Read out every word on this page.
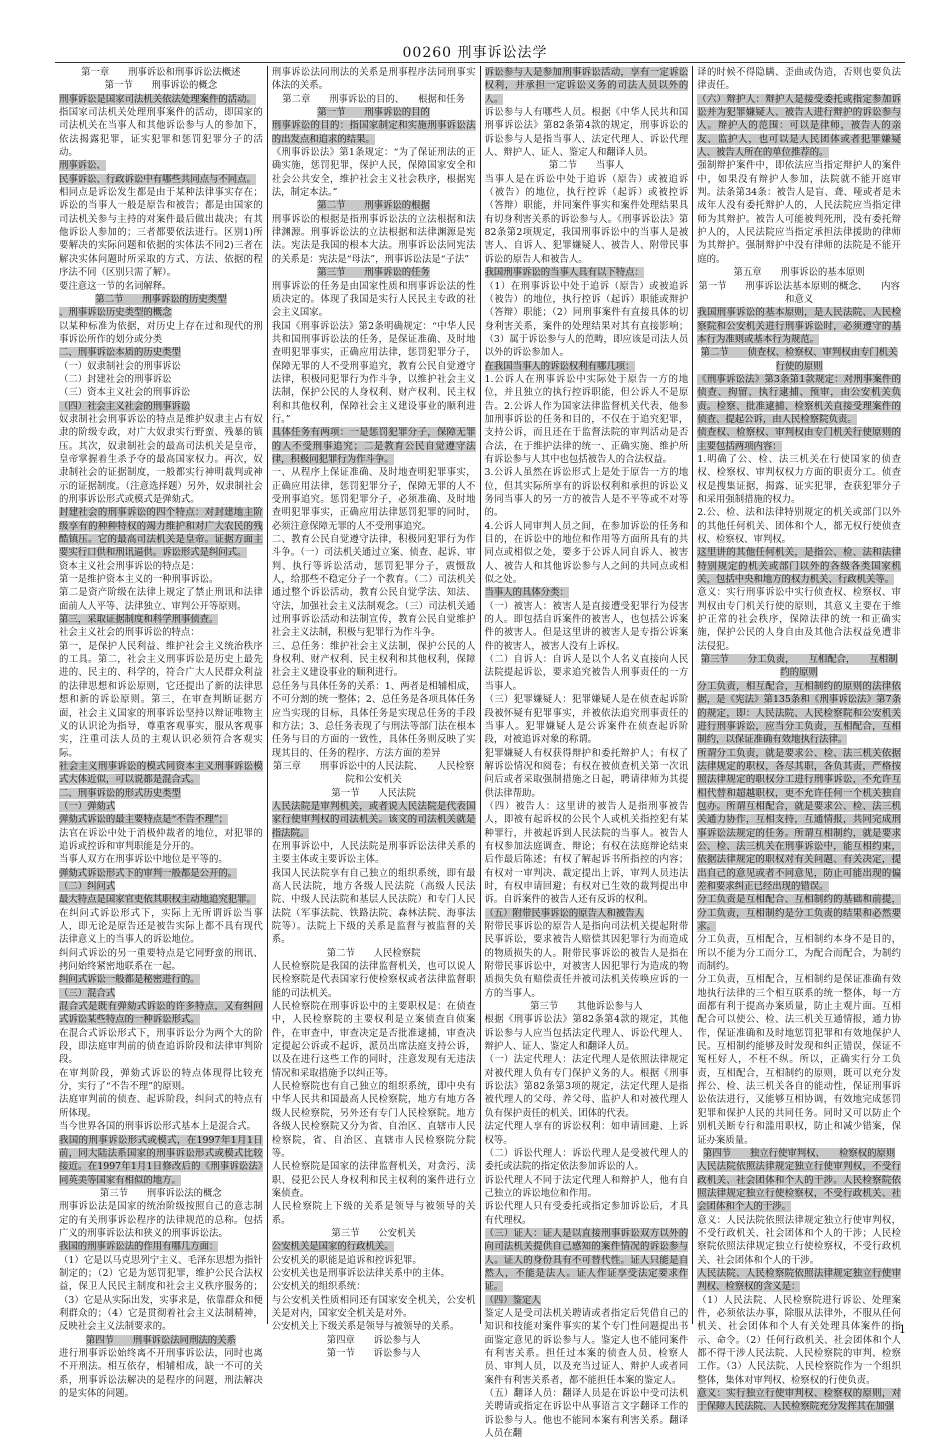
00260 刑事诉讼法学

第一章　　刑事诉讼和刑事诉讼法概述

第一节　　刑事诉讼的概念

刑事诉讼是国家司法机关依法处理案件的活动。

指国家司法机关处理刑事案件的活动，即国家的司法机关在当事人和其他诉讼参与人的参加下，依法揭露犯罪，证实犯罪和惩罚犯罪分子的活动。

刑事诉讼、

民事诉讼、行政诉讼中有哪些共同点与不同点。

相同点是诉讼发生都是由于某种法律事实存在；诉讼的当事人一般是原告和被告；都是由国家的司法机关参与主持的对案件最后做出裁决；有其他诉讼人参加的；三者都要依法进行。区别1)所要解决的实际问题和依据的实体法不同2)三者在解决实体问题时所采取的方式、方法、依据的程序法不同（区别只需了解）。

要注意这一节的名词解释。

第二节　　刑事诉讼的历史类型

、刑事诉讼历史类型的概念

以某种标准为依据，对历史上存在过和现代的刑事诉讼所作的划分或分类

二、刑事诉讼本质的历史类型

（一）奴隶制社会的刑事诉讼

（二）封建社会的刑事诉讼

（三）资本主义社会的刑事诉讼

（四）社会主义社会的刑事诉讼

奴隶制社会刑事诉讼的特点是维护奴隶主占有奴隶的阶级专政，对广大奴隶实行野蛮、残暴的镇压。其次，奴隶制社会的最高司法机关是皇帝，皇帝掌握着生杀予夺的最高国家权力。再次，奴隶制社会的证据制度，一般都实行神明裁判或神示的证据制度。（注意选择题）另外，奴隶制社会的刑事诉讼形式或模式是弹劾式。

封建社会的刑事诉讼的四个特点：对封建地主阶级享有的种种特权的竭力维护和对广大农民的残酷镇压。它的最高司法机关是皇帝。证据方面主要实行口供和刑讯逼供。诉讼形式是纠问式。

资本主义社会刑事诉讼的特点是：

第一是维护资本主义的一种刑事诉讼。

第二是资产阶级在法律上规定了禁止刑讯和法律面前人人平等、法律独立、审判公开等原则。

第三，采取证据制度和科学刑事侦查。

社会主义社会的刑事诉讼的特点：

第一，是保护人民利益、维护社会主义统治秩序的工具。第二，社会主义刑事诉讼是历史上最先进的、民主的、科学的，符合广大人民群众利益的法律思想和诉讼原则，它还提出了新的法律思想和新的诉讼原则。第三，在审查判断证据方面，社会主义国家的刑事诉讼坚持以辩证唯物主义的认识论为指导，尊重客观事实，服从客观事实，注重司法人员的主观认识必须符合客观实际。

社会主义刑事诉讼的模式同资本主义刑事诉讼模式大体近似，可以说都是混合式。

二、刑事诉讼的形式历史类型

（一）弹劾式

弹劾式诉讼的最主要特点是“不告不理”；

法官在诉讼中处于消极仲裁者的地位，对犯罪的追诉或控诉和审判职能是分开的。

当事人双方在刑事诉讼中地位是平等的。

弹劾式诉讼形式下的审判一般都是公开的。

（二）纠问式

最大特点是国家官吏依其职权主动地追究犯罪。

在纠问式诉讼形式下，实际上无所谓诉讼当事人，即无论是原告还是被告实际上都不具有现代法律意义上的当事人的诉讼地位。

纠问式诉讼的另一重要特点是它同野蛮的刑讯、拷问始终紧密地联系在一起。

纠问式诉讼一般都是秘密进行的。

（三）混合式

混合式是既有弹劾式诉讼的许多特点，又有纠问式诉讼某些特点的一种诉讼形式。

在混合式诉讼形式下，刑事诉讼分为两个大的阶段，即法庭审判前的侦查追诉阶段和法律审判阶段。

在审判阶段，弹劾式诉讼的特点体现得比较充分，实行了“不告不理”的原则。

法庭审判前的侦查、起诉阶段，纠问式的特点有所体现。

当今世界各国的刑事诉讼形式基本上是混合式。

我国的刑事诉讼形式或模式，在1997年1月1日前，同大陆法系国家的刑事诉讼形式或模式比较接近。在1997年1月1日修改后的《刑事诉讼法》同英美等国家有相似的地方。

第三节　　刑事诉讼法的概念

刑事诉讼法是国家的统治阶级按照自己的意志制定的有关刑事诉讼程序的法律规范的总称。包括广义的刑事诉讼法和狭义的刑事诉讼法。

我国的刑事诉讼法的作用有哪几方面：

（1）它是以马克思列宁主义、毛泽东思想为指针制定的；（2）它是为惩罚犯罪，维护公民合法权益，保卫人民民主制度和社会主义秩序服务的；（3）它是从实际出发，实事求是，依靠群众和便利群众的；（4）它是贯彻着社会主义法制精神，反映社会主义法制要求的。

第四节　　刑事诉讼法同刑法的关系

进行刑事诉讼始终离不开刑事诉讼法，同时也离不开刑法。相互依存，相辅相成，缺一不可的关系，刑事诉讼法解决的是程序的问题，刑法解决的是实体的问题。

刑事诉讼法同刑法的关系是刑事程序法同刑事实体法的关系。

第二章　　刑事诉讼的目的、　　根据和任务

第一节　　刑事诉讼的目的

刑事诉讼的目的：指国家制定和实施刑事诉讼法的出发点和追求的结果。

《刑事诉讼法》第1条规定：“为了保证刑法的正确实施，惩罚犯罪，保护人民，保障国家安全和社会公共安全，维护社会主义社会秩序，根据宪法，制定本法。”

第二节　　刑事诉讼的根据

刑事诉讼的根据是指刑事诉讼法的立法根据和法律渊源。刑事诉讼法的立法根据和法律渊源是宪法。宪法是我国的根本大法。刑事诉讼法同宪法的关系是：宪法是“母法”，刑事诉讼法是“子法”

第三节　　刑事诉讼的任务

刑事诉讼的任务是由国家性质和刑事诉讼法的性质决定的。体现了我国是实行人民民主专政的社会主义国家。

我国《刑事诉讼法》第2条明确规定：“中华人民共和国刑事诉讼法的任务，是保证准确、及时地查明犯罪事实，正确应用法律，惩罚犯罪分子，保障无罪的人不受刑事追究，教育公民自觉遵守法律，积极同犯罪行为作斗争，以维护社会主义法制，保护公民的人身权利、财产权利、民主权利和其他权利，保障社会主义建设事业的顺利进行。”

具体任务有两项：一是惩罚犯罪分子，保障无罪的人不受刑事追究；二是教育公民自觉遵守法律，积极同犯罪行为作斗争。

一、从程序上保证准确、及时地查明犯罪事实，正确应用法律，惩罚犯罪分子，保障无罪的人不受刑事追究。惩罚犯罪分子，必须准确、及时地查明犯罪事实，正确应用法律惩罚犯罪的同时，必须注意保障无罪的人不受刑事追究。

二、教育公民自觉遵守法律，积极同犯罪行为作斗争。（一）司法机关通过立案、侦查、起诉、审判、执行等诉讼活动，惩罚犯罪分子，震慑敌人，给那些不稳定分子一个教育。（二）司法机关通过整个诉讼活动，教育公民自觉学法、知法、守法，加强社会主义法制观念。（三）司法机关通过刑事诉讼活动和法制宣传，教育公民自觉维护社会主义法制，积极与犯罪行为作斗争。

三、总任务：维护社会主义法制，保护公民的人身权利、财产权利、民主权利和其他权利，保障社会主义建设事业的顺利进行。

总任务与具体任务的关系：1、两者是相辅相成，不可分割的统一整体；2、总任务是各项具体任务应当实现的目标，具体任务是实现总任务的手段和方法；3、总任务表现了与刑法等部门法在根本任务与目的方面的一致性，具体任务则反映了实现其目的、任务的程序、方法方面的差异

第三章　　刑事诉讼中的人民法院、　　人民检察院和公安机关

第一节　　人民法院

人民法院是审判机关，或者说人民法院是代表国家行使审判权的司法机关。该文的司法机关就是指法院。

在刑事诉讼中，人民法院是刑事诉讼法律关系的主要主体或主要诉讼主体。

我国人民法院享有自己独立的组织系统，即有最高人民法院，地方各级人民法院（高级人民法院、中级人民法院和基层人民法院）和专门人民法院（军事法院、铁路法院、森林法院、海事法院等）。法院上下级的关系是监督与被监督的关系。

第二节　　人民检察院

人民检察院是我国的法律监督机关，也可以说人民检察院是代表国家行使检察权或者法律监督职能的司法机关。

人民检察院在刑事诉讼中的主要职权是：在侦查中，人民检察院的主要权利是立案侦查自侦案件，在审查中，审查决定是否批准逮捕，审查决定提起公诉或不起诉，派员出席法庭支持公诉，以及在进行这些工作的同时，注意发现有无违法情况和采取措施予以纠正等。

人民检察院也有自己独立的组织系统，即中央有中华人民共和国最高人民检察院，地方有地方各级人民检察院，另外还有专门人民检察院。地方各级人民检察院又分为省、自治区、直辖市人民检察院，省、自治区、直辖市人民检察院分院等。

人民检察院是国家的法律监督机关，对贪污、渎职、侵犯公民人身权利和民主权利的案件进行立案侦查。

人民检察院上下级的关系是领导与被领导的关系。

第三节　　公安机关

公安机关是国家的行政机关。

公安机关的职能是追诉和控诉犯罪。

公安机关也是刑事诉讼法律关系中的主体。

公安机关的组织系统：

与公安机关性质相同还有国家安全机关，公安机关是对内，国家安全机关是对外。

公安机关上下级关系是领导与被领导的关系。

第四章　　诉讼参与人

第一节　　诉讼参与人

诉讼参与人是参加刑事诉讼活动，享有一定诉讼权利，并承担一定诉讼义务的司法人员以外的人。

诉讼参与人有哪些人员。根据《中华人民共和国刑事诉讼法》第82条第4款的规定，刑事诉讼的诉讼参与人是指当事人、法定代理人、诉讼代理人、辩护人、证人、鉴定人和翻译人员。

第二节　　当事人

当事人是在诉讼中处于追诉（原告）或被追诉（被告）的地位，执行控诉（起诉）或被控诉（答辩）职能，并同案件事实和案件处理结果具有切身利害关系的诉讼参与人。《刑事诉讼法》第82条第2项规定，我国刑事诉讼中的当事人是被害人、自诉人、犯罪嫌疑人、被告人、附带民事诉讼的原告人和被告人。

我国刑事诉讼的当事人具有以下特点：

（1）在刑事诉讼中处于追诉（原告）或被追诉（被告）的地位，执行控诉（起诉）职能或辩护（答辩）职能；（2）同刑事案件有直接具体的切身利害关系，案件的处理结果对其有直接影响；（3）属于诉讼参与人的范畴，即应该是司法人员以外的诉讼参加人。

在我国当事人的诉讼权利有哪几项：

1.公诉人在刑事诉讼中实际处于原告一方的地位，并且独立的执行控诉职能，但公诉人不是原告。2.公诉人作为国家法律监督机关代表，他参加刑事诉讼的任务和目的，不仅在于追究犯罪，支持公诉，而且还在于监督法院的审判活动是否合法，在于维护法律的统一、正确实施、维护所有诉讼参与人其中也包括被告人的合法权益。

3.公诉人虽然在诉讼形式上是处于原告一方的地位，但其实际所享有的诉讼权利和承担的诉讼义务同当事人的另一方的被告人是不平等或不对等的。

4.公诉人同审判人员之间，在参加诉讼的任务和目的，在诉讼中的地位和作用等方面所具有的共同点或相似之处，要多于公诉人同自诉人、被害人、被告人和其他诉讼参与人之间的共同点或相似之处。

当事人的具体分类：

（一）被害人：被害人是直接遭受犯罪行为侵害的人。即包括自诉案件的被害人，也包括公诉案件的被害人。但是这里讲的被害人是专指公诉案件的被害人，被害人没有上诉权。

（二）自诉人：自诉人是以个人名义直接向人民法院提起诉讼，要求追究被告人刑事责任的一方当事人。

（三）犯罪嫌疑人：犯罪嫌疑人是在侦查起诉阶段被怀疑有犯罪事实，并被依法追究刑事责任的当事人。犯罪嫌疑人是公诉案件在侦查起诉阶段，对被追诉对象的称谓。

犯罪嫌疑人有权获得辩护和委托辩护人；有权了解诉讼情况和阅卷；有权在被侦查机关第一次讯问后或者采取强制措施之日起，聘请律师为其提供法律帮助。

（四）被告人：这里讲的被告人是指刑事被告人，即被有起诉权的公民个人或机关指控犯有某种罪行，并被起诉到人民法院的当事人。被告人有权参加法庭调查、辩论；有权在法庭辩论结束后作最后陈述；有权了解起诉书所指控的内容；有权对一审判决、裁定提出上诉，审判人员违法时，有权申请回避；有权对已生效的裁判提出申诉。自诉案件的被告人还有反诉的权利。

（五）附带民事诉讼的原告人和被告人

附带民事诉讼的原告人是指向司法机关提起附带民事诉讼，要求被告人赔偿其因犯罪行为而造成的物质损失的人。附带民事诉讼的被告人是指在附带民事诉讼中，对被害人因犯罪行为造成的物质损失负有赔偿责任并被司法机关传唤应诉的一方的当事人。

第三节　　其他诉讼参与人

根据《刑事诉讼法》第82条第4款的规定，其他诉讼参与人应当包括法定代理人、诉讼代理人、辩护人、证人、鉴定人和翻译人员。

（一）法定代理人：法定代理人是依照法律规定对被代理人负有专门保护义务的人。根据《刑事诉讼法》第82条第3项的规定，法定代理人是指被代理人的父母、养父母、监护人和对被代理人负有保护责任的机关、团体的代表。

法定代理人享有的诉讼权利：如申请回避、上诉权等。

（二）诉讼代理人：诉讼代理人是受被代理人的委托或法院的指定依法参加诉讼的人。

诉讼代理人不同于法定代理人和辩护人，他有自己独立的诉讼地位和作用。

诉讼代理人只有受委托或指定参加诉讼后，才具有代理权。

（三）证人：证人是以直接刑事诉讼双方以外的向司法机关提供自己感知的案件情况的诉讼参与人。证人的身份具有不可替代性。证人只能是自然人，不能是法人。证人作证享受法定要求作证。

（四）鉴定人

鉴定人是受司法机关聘请或者指定后凭借自己的知识和技能对案件事实的某个专门性问题提出书面鉴定意见的诉讼参与人。鉴定人也不能同案件有利害关系。担任过本案的侦查人员、检察人员、审判人员，以及充当过证人、辩护人或者同案件有利害关系者，都不能担任本案的鉴定人。

（五）翻译人员：翻译人员是在诉讼中受司法机关聘请或指定在诉讼中从事语言文字翻译工作的诉讼参与人。他也不能同本案有利害关系。翻译人员在翻

译的时候不得隐瞒、歪曲或伪造，否则也要负法律责任。

（六）辩护人：辩护人是接受委托或指定参加诉讼并为犯罪嫌疑人、被告人进行辩护的诉讼参与人。辩护人的范围：可以是律师，被告人的亲友、监护人，也可以是人民团体或者犯罪嫌疑人、被告人所在的单位推荐的。

强制辩护案件中，即依法应当指定辩护人的案件中，如果没有辩护人参加，法院就不能开庭审判。法条第34条：被告人是盲、聋、哑或者是未成年人没有委托辩护人的，人民法院应当指定律师为其辩护。被告人可能被判死刑，没有委托辩护人的，人民法院应当指定承担法律援助的律师为其辩护。强制辩护中没有律师的法院是不能开庭的。

第五章　　刑事诉讼的基本原则

第一节　　刑事诉讼法基本原则的概念、　　内容和意义

我国刑事诉讼的基本原则，是人民法院、人民检察院和公安机关进行刑事诉讼时，必须遵守的基本行为准则或基本行为规范。

第二节　　侦查权、检察权、审判权由专门机关行使的原则

《刑事诉讼法》第3条第1款规定：对刑事案件的侦查、拘留、执行逮捕、预审，由公安机关负责。检察、批准逮捕、检察机关直接受理案件的侦查、提起公诉，由人民检察院负责。

侦查权、检察权、审判权由专门机关行使原则的主要包括两项内容：

1.明确了公、检、法三机关在行使国家的侦查权、检察权、审判权权力方面的职责分工。侦查权是搜集证据，揭露、证实犯罪，查获犯罪分子和采用强制措施的权力。

2.公、检、法和法律特别规定的机关或部门以外的其他任何机关、团体和个人，都无权行使侦查权、检察权、审判权。

这里讲的其他任何机关，是指公、检、法和法律特别规定的机关或部门以外的各级各类国家机关，包括中央和地方的权力机关、行政机关等。

意义：实行刑事诉讼中实行侦查权、检察权、审判权由专门机关行使的原则，其意义主要在于维护正常的社会秩序，保障法律的统一和正确实施，保护公民的人身自由及其他合法权益免遭非法侵犯。

第三节　　分工负责，　　互相配合，　　互相制约的原则

分工负责，相互配合，互相制约的原则的法律依据，是《宪法》第135条和《刑事诉讼法》第7条的规定，即：人民法院、人民检察院和公安机关进行刑事诉讼，应当分工负责，互相配合，互相制约，以保证准确有效地执行法律。

所谓分工负责，就是要求公、检、法三机关依据法律规定的职权，各尽其职，各负其责，严格按照法律规定的职权分工进行刑事诉讼，不允许互相代替和超越职权，更不允许任何一个机关独自包办。所谓互相配合，就是要求公、检、法三机关通力协作，互相支持，互通情报，共同完成刑事诉讼法规定的任务。所谓互相制约，就是要求公、检、法三机关在刑事诉讼中，能互相约束，依据法律规定的职权对有关问题、有关决定，提出自己的意见或者不同意见，防止可能出现的偏差和要求纠正已经出现的错误。

分工负责是互相配合、互相制约的基础和前提，分工负责，互相制约是分工负责的结果和必然要求。

分工负责，互相配合，互相制约本身不是目的，所以不能为分工而分工，为配合而配合，为制约而制约。

分工负责，互相配合，互相制约是保证准确有效地执行法律的三个相互联系的统一整体，每一方面都有利于提高办案质量，防止主观片面。互相配合可以使公、检、法三机关互通情报，通力协作，保证准确和及时地惩罚犯罪和有效地保护人民。互相制约能够及时发现和纠正错误，保证不冤枉好人，不枉不纵。所以，正确实行分工负责，互相配合，互相制约的原则，既可以充分发挥公、检、法三机关各自的能动性，保证刑事诉讼依法进行，又能够互相协调，有效地完成惩罚犯罪和保护人民的共同任务。同时又可以防止个别机关断专行和滥用职权，防止和减少错案，保证办案质量。

第四节　　独立行使审判权、　　检察权的原则

人民法院依照法律规定独立行使审判权，不受行政机关、社会团体和个人的干涉。人民检察院依照法律规定独立行使检察权，不受行政机关、社会团体和个人的干涉。

意义：人民法院依照法律规定独立行使审判权，不受行政机关、社会团体和个人的干涉；人民检察院依照法律规定独立行使检察权，不受行政机关、社会团体和个人的干涉。

人民法院、人民检察院依照法律规定独立行使审判权、检察权的含义是：

（1）人民法院、人民检察院进行诉讼、处理案件，必须依法办事，除服从法律外，不服从任何机关、社会团体和个人有关处理具体案件的指示、命令。（2）任何行政机关、社会团体和个人都不得干涉人民法院、人民检察院的审判、检察工作。（3）人民法院、人民检察院作为一个组织整体，集体对审判权、检察权的行使负责。

意义：实行独立行使审判权、检察权的原则，对于保障人民法院、人民检察院充分发挥其在加强

1
